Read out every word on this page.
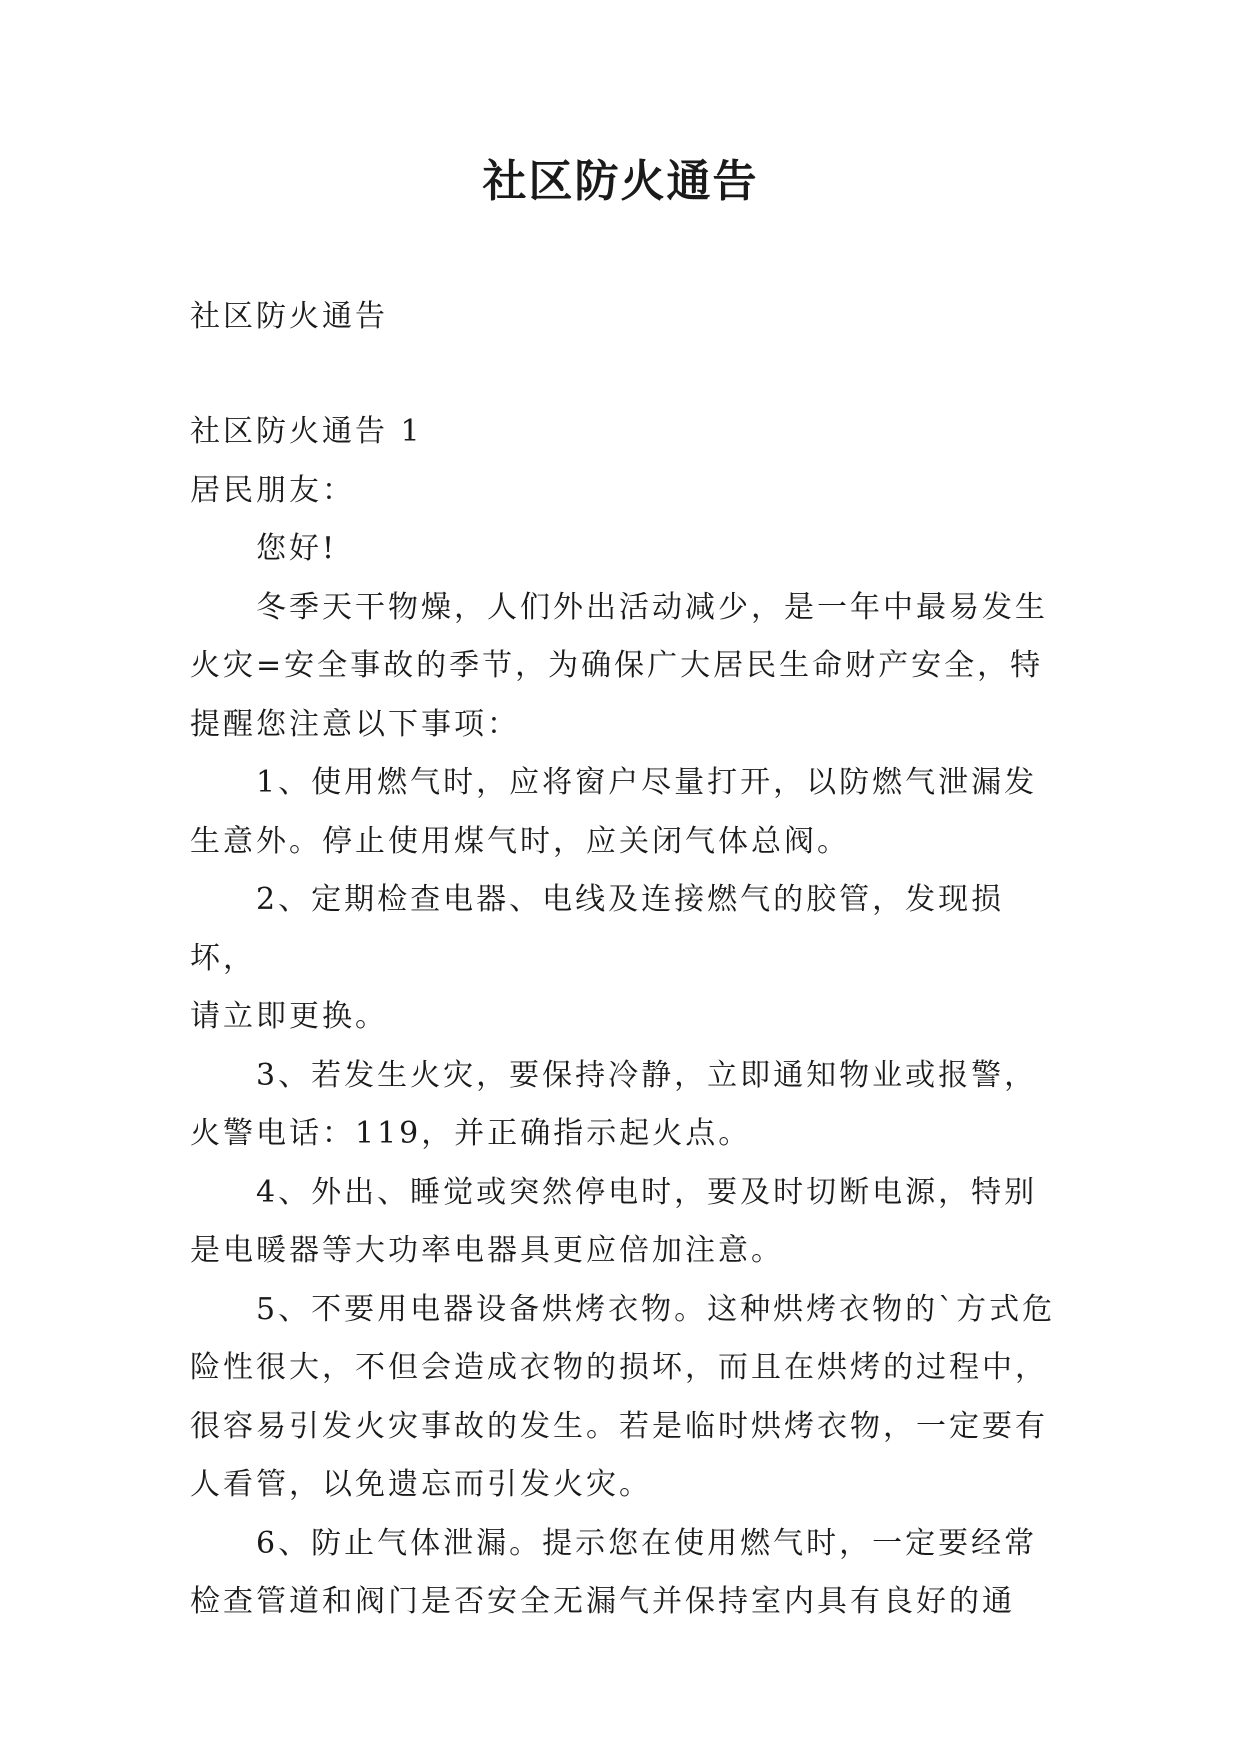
社区防火通告

社区防火通告

社区防火通告 1

居民朋友：

您好!

冬季天干物燥，人们外出活动减少，是一年中最易发生

火灾=安全事故的季节，为确保广大居民生命财产安全，特

提醒您注意以下事项：

1、使用燃气时，应将窗户尽量打开，以防燃气泄漏发

生意外。停止使用煤气时，应关闭气体总阀。

2、定期检查电器、电线及连接燃气的胶管，发现损坏，

请立即更换。

3、若发生火灾，要保持冷静，立即通知物业或报警，

火警电话：119，并正确指示起火点。

4、外出、睡觉或突然停电时，要及时切断电源，特别

是电暖器等大功率电器具更应倍加注意。

5、不要用电器设备烘烤衣物。这种烘烤衣物的`方式危

险性很大，不但会造成衣物的损坏，而且在烘烤的过程中，

很容易引发火灾事故的发生。若是临时烘烤衣物，一定要有

人看管，以免遗忘而引发火灾。

6、防止气体泄漏。提示您在使用燃气时，一定要经常

检查管道和阀门是否安全无漏气并保持室内具有良好的通
